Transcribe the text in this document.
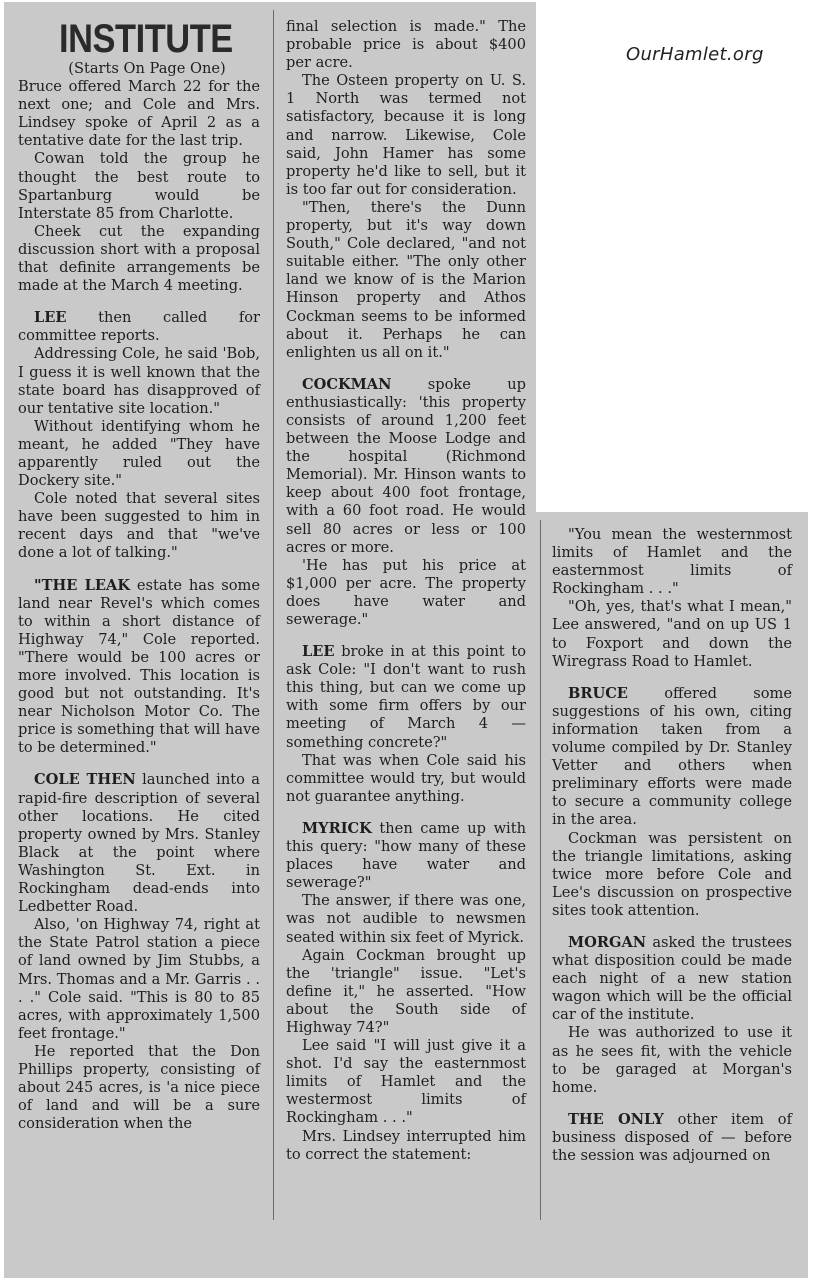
OurHamlet.org

INSTITUTE

(Starts On Page One)

Bruce offered March 22 for the next one; and Cole and Mrs. Lindsey spoke of April 2 as a tentative date for the last trip.

Cowan told the group he thought the best route to Spartanburg would be Interstate 85 from Charlotte.

Cheek cut the expanding discussion short with a proposal that definite arrangements be made at the March 4 meeting.

LEE then called for committee reports.

Addressing Cole, he said 'Bob, I guess it is well known that the state board has disapproved of our tentative site location."

Without identifying whom he meant, he added "They have apparently ruled out the Dockery site."

Cole noted that several sites have been suggested to him in recent days and that "we've done a lot of talking."

"THE LEAK estate has some land near Revel's which comes to within a short distance of Highway 74," Cole reported. "There would be 100 acres or more involved. This location is good but not outstanding. It's near Nicholson Motor Co. The price is something that will have to be determined."

COLE THEN launched into a rapid-fire description of several other locations. He cited property owned by Mrs. Stanley Black at the point where Washington St. Ext. in Rockingham dead-ends into Ledbetter Road.

Also, 'on Highway 74, right at the State Patrol station a piece of land owned by Jim Stubbs, a Mrs. Thomas and a Mr. Garris . . . ." Cole said. "This is 80 to 85 acres, with approximately 1,500 feet frontage."

He reported that the Don Phillips property, consisting of about 245 acres, is 'a nice piece of land and will be a sure consideration when the

final selection is made." The probable price is about $400 per acre.

The Osteen property on U. S. 1 North was termed not satisfactory, because it is long and narrow. Likewise, Cole said, John Hamer has some property he'd like to sell, but it is too far out for consideration.

"Then, there's the Dunn property, but it's way down South," Cole declared, "and not suitable either. "The only other land we know of is the Marion Hinson property and Athos Cockman seems to be informed about it. Perhaps he can enlighten us all on it."

COCKMAN spoke up enthusiastically: 'this property consists of around 1,200 feet between the Moose Lodge and the hospital (Richmond Memorial). Mr. Hinson wants to keep about 400 foot frontage, with a 60 foot road. He would sell 80 acres or less or 100 acres or more.

'He has put his price at $1,000 per acre. The property does have water and sewerage."

LEE broke in at this point to ask Cole: "I don't want to rush this thing, but can we come up with some firm offers by our meeting of March 4 — something concrete?"

That was when Cole said his committee would try, but would not guarantee anything.

MYRICK then came up with this query: "how many of these places have water and sewerage?"

The answer, if there was one, was not audible to newsmen seated within six feet of Myrick.

Again Cockman brought up the 'triangle" issue. "Let's define it," he asserted. "How about the South side of Highway 74?"

Lee said "I will just give it a shot. I'd say the easternmost limits of Hamlet and the westermost limits of Rockingham . . ."

Mrs. Lindsey interrupted him to correct the statement:

"You mean the westernmost limits of Hamlet and the easternmost limits of Rockingham . . ."

"Oh, yes, that's what I mean," Lee answered, "and on up US 1 to Foxport and down the Wiregrass Road to Hamlet.

BRUCE offered some suggestions of his own, citing information taken from a volume compiled by Dr. Stanley Vetter and others when preliminary efforts were made to secure a community college in the area.

Cockman was persistent on the triangle limitations, asking twice more before Cole and Lee's discussion on prospective sites took attention.

MORGAN asked the trustees what disposition could be made each night of a new station wagon which will be the official car of the institute.

He was authorized to use it as he sees fit, with the vehicle to be garaged at Morgan's home.

THE ONLY other item of business disposed of — before the session was adjourned on
